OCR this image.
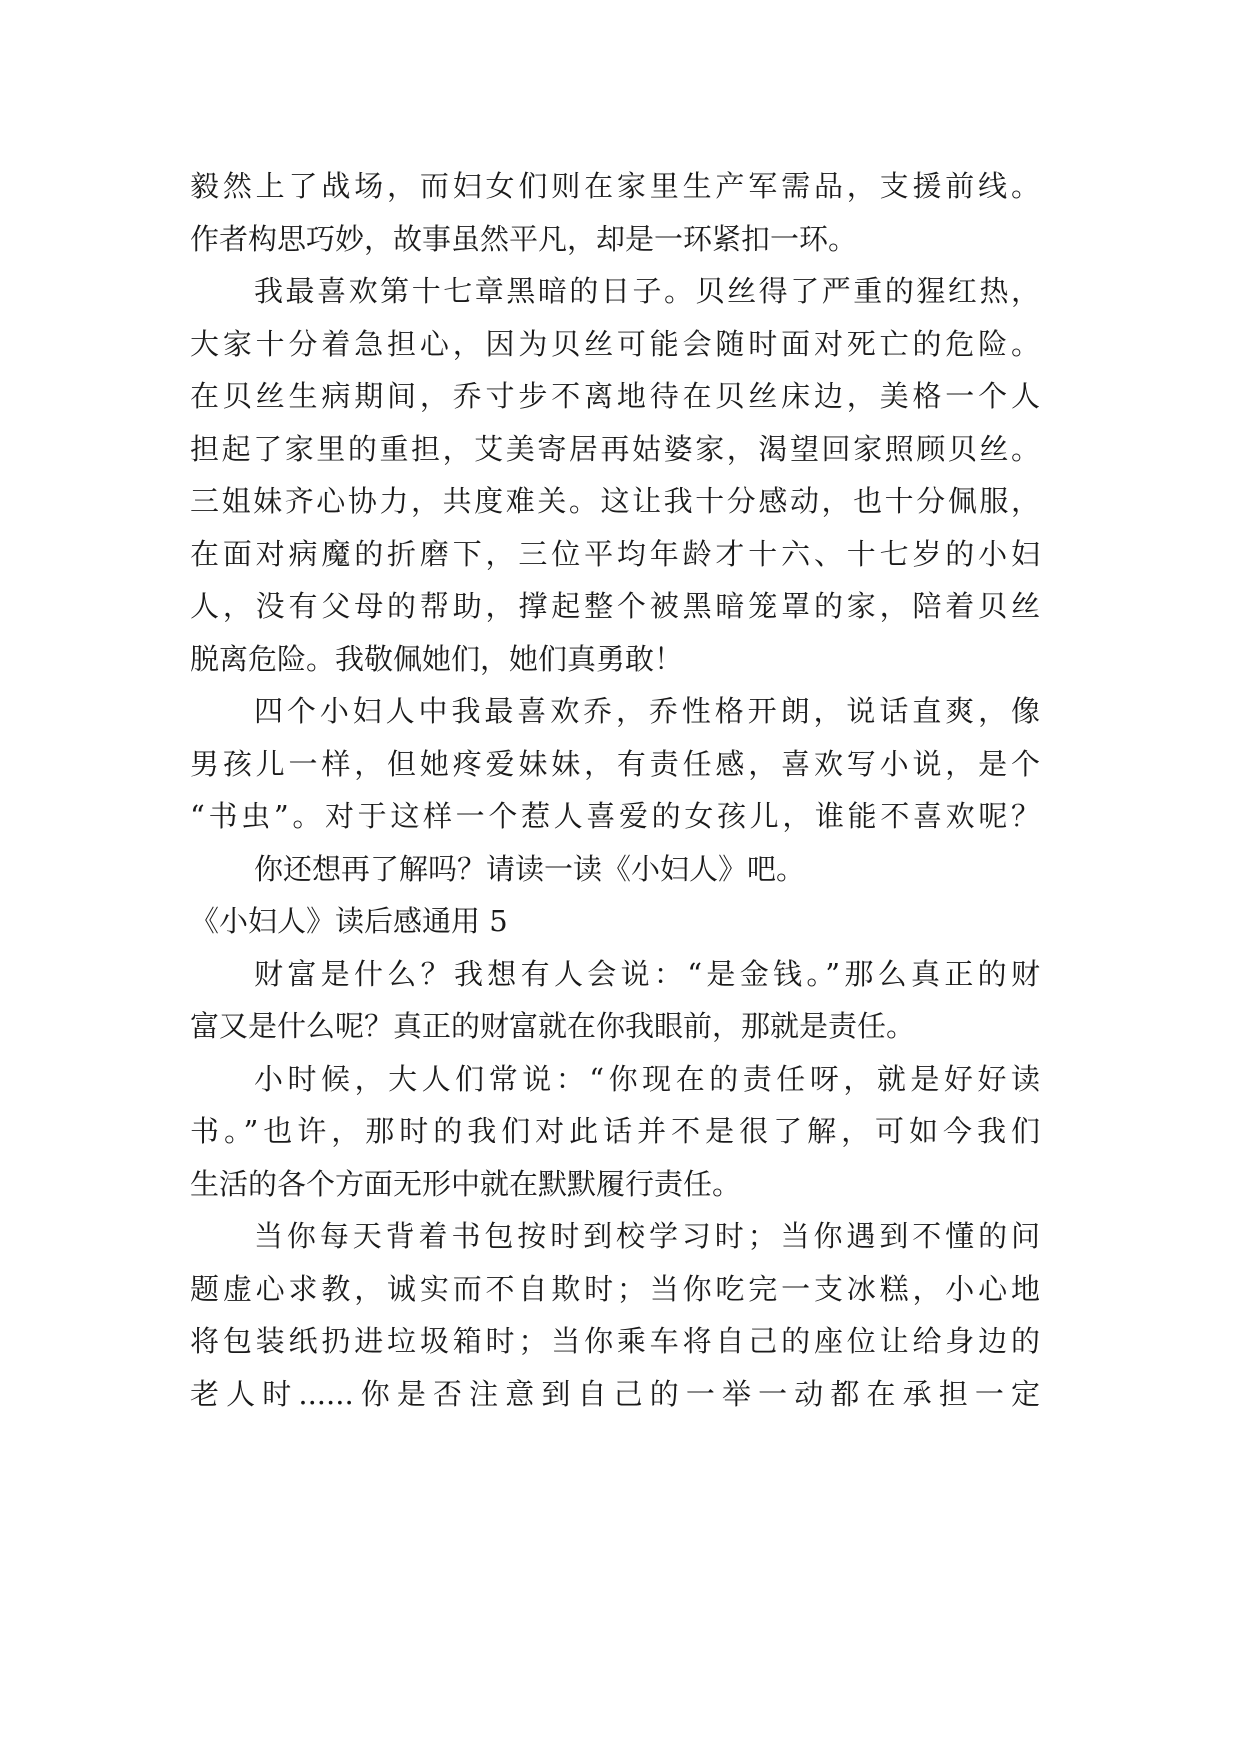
毅然上了战场，而妇女们则在家里生产军需品，支援前线。
作者构思巧妙，故事虽然平凡，却是一环紧扣一环。
我最喜欢第十七章黑暗的日子。贝丝得了严重的猩红热，
大家十分着急担心，因为贝丝可能会随时面对死亡的危险。
在贝丝生病期间，乔寸步不离地待在贝丝床边，美格一个人
担起了家里的重担，艾美寄居再姑婆家，渴望回家照顾贝丝。
三姐妹齐心协力，共度难关。这让我十分感动，也十分佩服，
在面对病魔的折磨下，三位平均年龄才十六、十七岁的小妇
人，没有父母的帮助，撑起整个被黑暗笼罩的家，陪着贝丝
脱离危险。我敬佩她们，她们真勇敢！
四个小妇人中我最喜欢乔，乔性格开朗，说话直爽，像
男孩儿一样，但她疼爱妹妹，有责任感，喜欢写小说，是个
“书虫”。对于这样一个惹人喜爱的女孩儿，谁能不喜欢呢？
你还想再了解吗？请读一读《小妇人》吧。
《小妇人》读后感通用 5
财富是什么？我想有人会说：“是金钱。”那么真正的财
富又是什么呢？真正的财富就在你我眼前，那就是责任。
小时候，大人们常说：“你现在的责任呀，就是好好读
书。”也许，那时的我们对此话并不是很了解，可如今我们
生活的各个方面无形中就在默默履行责任。
当你每天背着书包按时到校学习时；当你遇到不懂的问
题虚心求教，诚实而不自欺时；当你吃完一支冰糕，小心地
将包装纸扔进垃圾箱时；当你乘车将自己的座位让给身边的
老人时......你是否注意到自己的一举一动都在承担一定
